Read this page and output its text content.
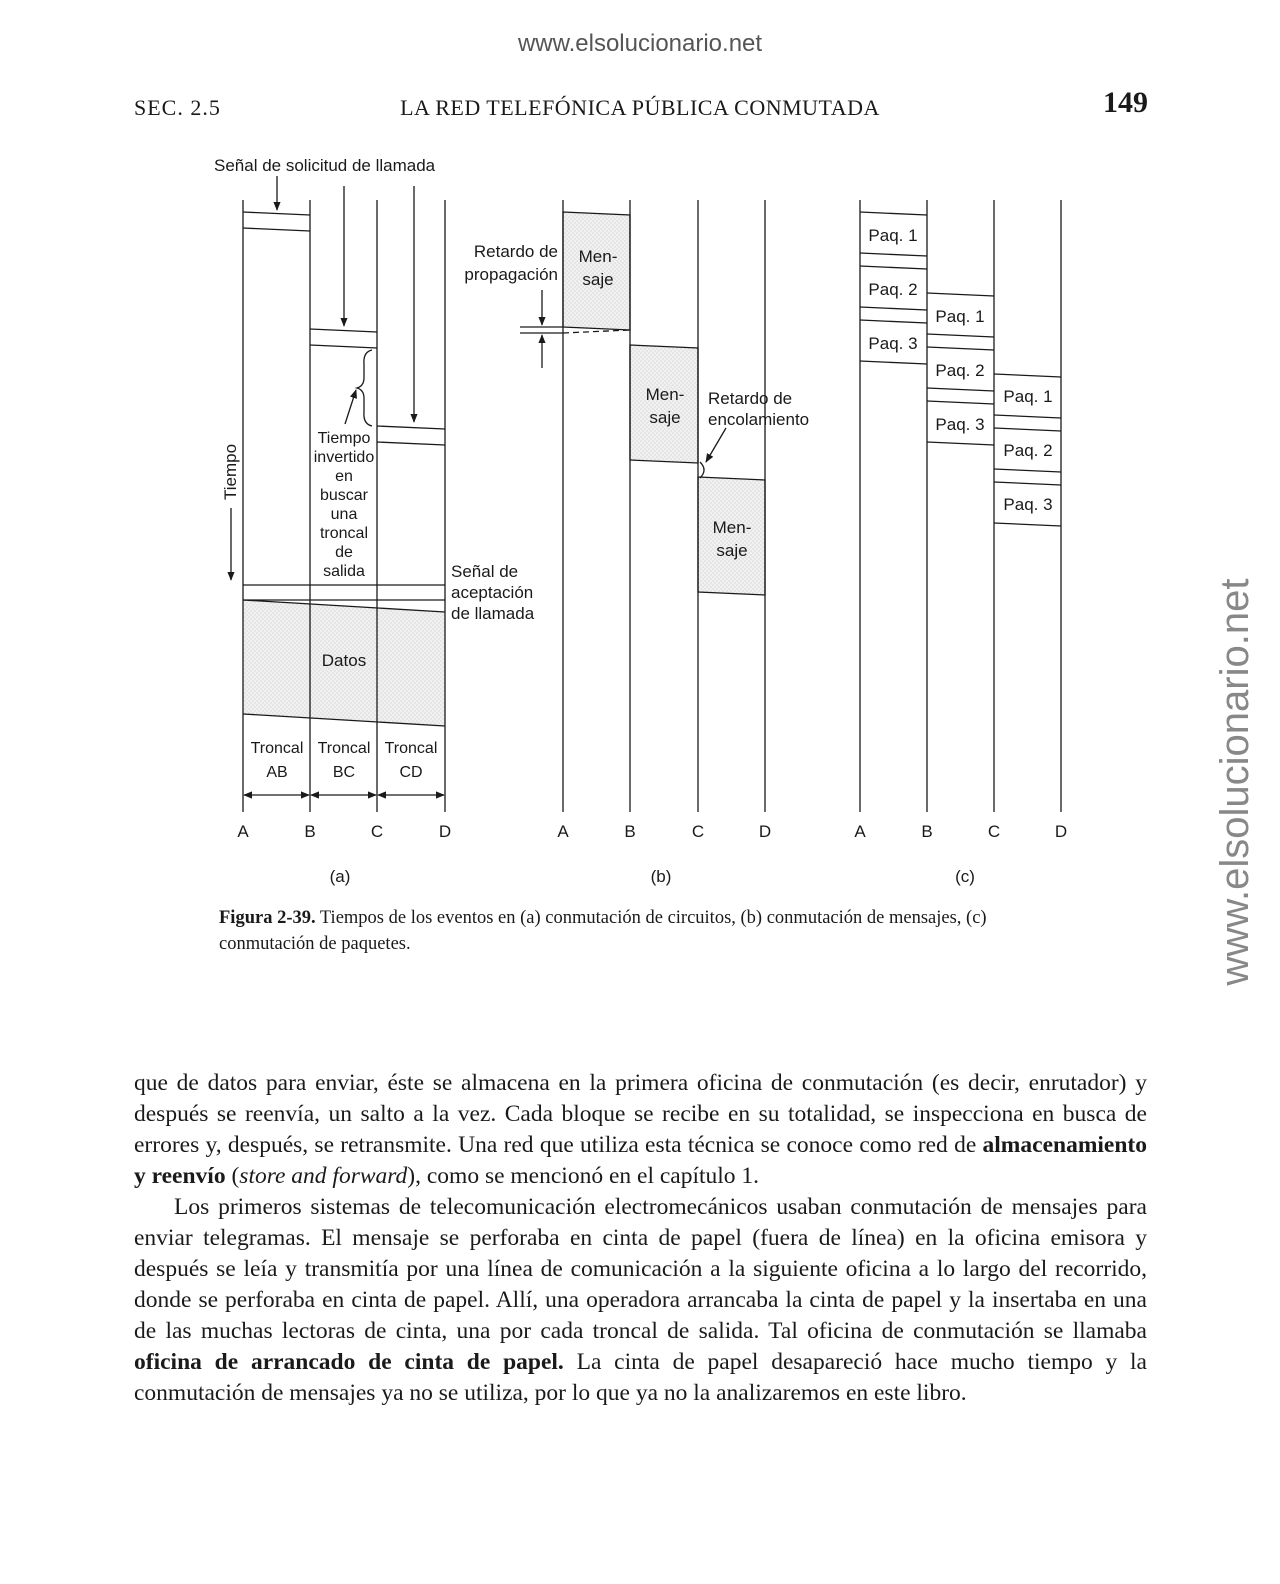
www.elsolucionario.net
www.elsolucionario.net
SEC. 2.5	LA RED TELEFÓNICA PÚBLICA CONMUTADA	149
Señal de solicitud de llamada
Tiempo
Tiempo
invertido
en
buscar
una
troncal
de
salida	Señal de
aceptación
de llamada
Datos
Troncal
AB
Troncal
BC
Troncal
CD
A	B	C	D
(a)
Retardo de
propagación
Men-
saje
Men-
saje
Retardo de
encolamiento
Men-
saje
A	B	C	D
(b)
Paq. 1
Paq. 2
Paq. 3
Paq. 1
Paq. 2
Paq. 3
Paq. 1
Paq. 2
Paq. 3
A	B	C	D
(c)
Figura 2-39. Tiempos de los eventos en (a) conmutación de circuitos, (b) conmutación de mensajes, (c) conmutación de paquetes.

que de datos para enviar, éste se almacena en la primera oficina de conmutación (es decir, enrutador) y después se reenvía, un salto a la vez. Cada bloque se recibe en su totalidad, se inspecciona en busca de errores y, después, se retransmite. Una red que utiliza esta técnica se conoce como red de almacenamiento y reenvío (store and forward), como se mencionó en el capítulo 1.

Los primeros sistemas de telecomunicación electromecánicos usaban conmutación de mensajes para enviar telegramas. El mensaje se perforaba en cinta de papel (fuera de línea) en la oficina emisora y después se leía y transmitía por una línea de comunicación a la siguiente oficina a lo largo del recorrido, donde se perforaba en cinta de papel. Allí, una operadora arrancaba la cinta de papel y la insertaba en una de las muchas lectoras de cinta, una por cada troncal de salida. Tal oficina de conmutación se llamaba oficina de arrancado de cinta de papel. La cinta de papel desapareció hace mucho tiempo y la conmutación de mensajes ya no se utiliza, por lo que ya no la analizaremos en este libro.
